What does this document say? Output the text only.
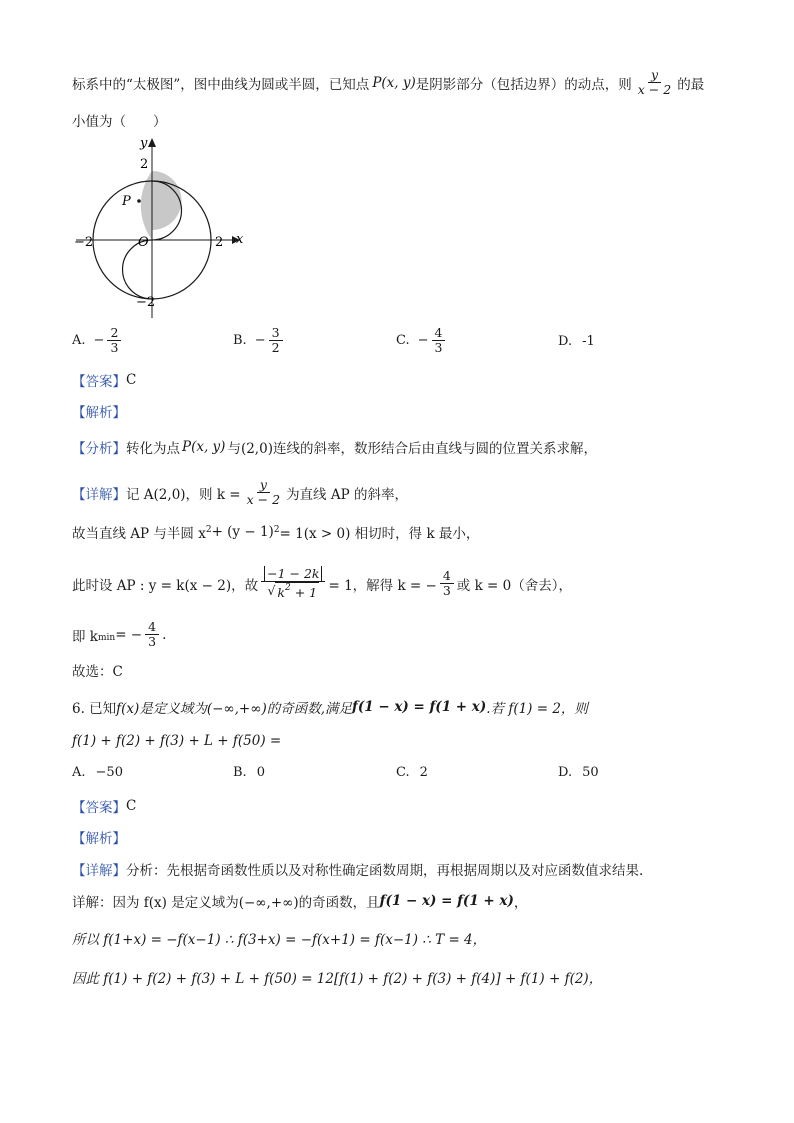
标系中的“太极图”，图中曲线为圆或半圆，已知点 P (x, y) 是阴影部分（包括边界）的动点，则 $\frac{y}{x - 2}$ 的最
小值为（　　）
y
x
2
−2
−2	2
O
P
A. − $\frac{2}{3}$	B. − $\frac{3}{2}$	C. − $\frac{4}{3}$	D. -1
【答案】 C
【解析】
【分析】 转化为点 P(x, y) 与(2,0)连线的斜率，数形结合后由直线与圆的位置关系求解，
【详解】 记 A(2,0)，则 $k = \frac{y}{x - 2}$ 为直线 AP 的斜率，
故当直线 AP 与半圆 x 2 + (y − 1) 2 = 1(x > 0) 相切时，得 k 最小，
此时设 AP : y = k(x − 2)，故 $\frac{-1 - 2k}{√ k^2 + 1} = 1$，解得 k = − $\frac{4}{3}$ 或 k = 0（舍去），
即 k min = − $\frac{4}{3}$ .
故选：C
6. 已知 f(x)是定义域为(−∞,+∞)的奇函数,满足 f(1 − x) = f(1 + x) .若 f(1) = 2，则
f(1) + f(2) + f(3) + L + f(50) =
A. −50	B. 0	C. 2	D. 50
【答案】 C
【解析】
【详解】 分析：先根据奇函数性质以及对称性确定函数周期，再根据周期以及对应函数值求结果.
详解：因为 f(x) 是定义域为(−∞,+∞)的奇函数，且 f(1 − x) = f(1 + x) ，
所以 f(1+x) = −f(x−1) ∴ f(3+x) = −f(x+1) = f(x−1) ∴ T = 4，
因此 f(1) + f(2) + f(3) + L + f(50) = 12[f(1) + f(2) + f(3) + f(4)] + f(1) + f(2)，
